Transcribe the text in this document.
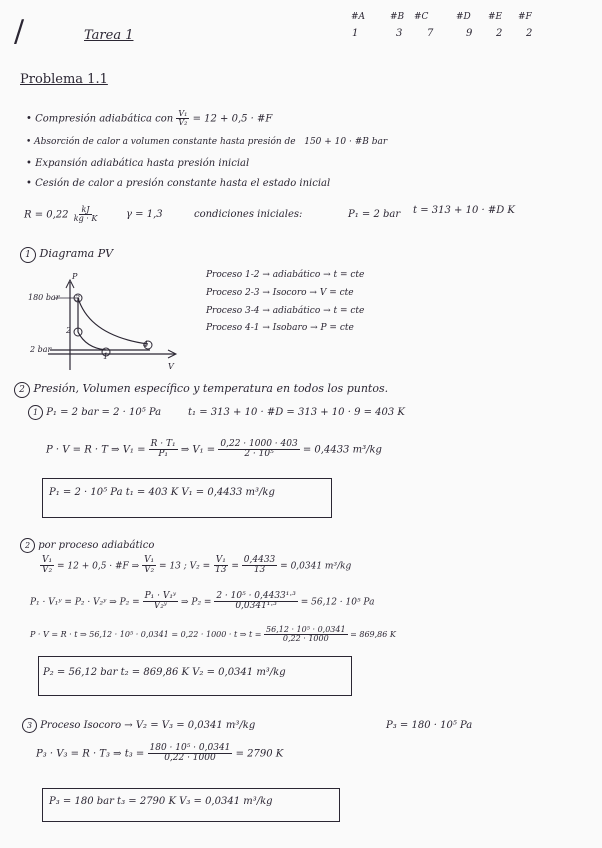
/	Tarea 1
#A	#B #C	#D #E #F
1	3 7	9 2 2
Problema 1.1
• Compresión adiabática con $\frac{\text{V₁}}{\text{V₂}} = 12 + 0,5$ · #F
• Absorción de calor a volumen constante hasta presión de 150 + 10 · #B bar
• Expansión adiabática hasta presión inicial
• Cesión de calor a presión constante hasta el estado inicial
$R = 0,22 \frac{kJ}{kg \cdot K}$	γ = 1,3	condiciones iniciales:	P₁ = 2 bar t = 313 + 10 · #D K
1 Diagrama PV
P
V
180 bar
2 bar
3
2
4
1
Proceso 1-2 → adiabático → t = cte
Proceso 2-3 → Isocoro → V = cte
Proceso 3-4 → adiabático → t = cte
Proceso 4-1 → Isobaro → P = cte
2 Presión, Volumen específico y temperatura en todos los puntos.
1 P₁ = 2 bar = 2 · 10⁵ Pa	t₁ = 313 + 10 · #D = 313 + 10 · 9 = 403 K
P · V = R · T ⇒ $V_1 = \frac{\text{R · T₁}}{\text{P₁}}$ ⇒ $V_1 = \frac{0,22 \cdot 1000 \cdot 403}{\text{2 · 10⁵}} = 0,4433$ m³/kg
P₁ = 2 · 10⁵ Pa t₁ = 403 K V₁ = 0,4433 m³/kg
2 por proceso adiabático
$\frac{\text{V₁}}{\text{V₂}} = 12 + 0,5$ · #F ⇒ $\frac{\text{V₁}}{\text{V₂}} = 13$ ; $V_2 = \frac{\text{V₁}}{13} = \frac{0,4433}{13} = 0,0341$ m³/kg
P₁ · V₁ʸ = P₂ · V₂ʸ ⇒ $P_2 = \frac{\text{P₁ · V₁ʸ}}{\text{V₂ʸ}}$ ⇒ $P_2 = \frac{\text{2 · 10⁵ · 0,4433¹·³}}{\text{0,0341¹·³}} = 56,12 \cdot 10^5$ Pa
P · V = R · t ⇒ 56,12 · 10⁵ · 0,0341 = 0,22 · 1000 · t ⇒ $t = \frac{\text{56,12 · 10⁵ · 0,0341}}{0,22 \cdot 1000} = 869,86$ K
P₂ = 56,12 bar t₂ = 869,86 K V₂ = 0,0341 m³/kg
3 Proceso Isocoro → V₂ = V₃ = 0,0341 m³/kg	P₃ = 180 · 10⁵ Pa
P₃ · V₃ = R · T₃ ⇒ $t_3 = \frac{\text{180 · 10⁵ · 0,0341}}{0,22 \cdot 1000} = 2790$ K
P₃ = 180 bar t₃ = 2790 K V₃ = 0,0341 m³/kg
